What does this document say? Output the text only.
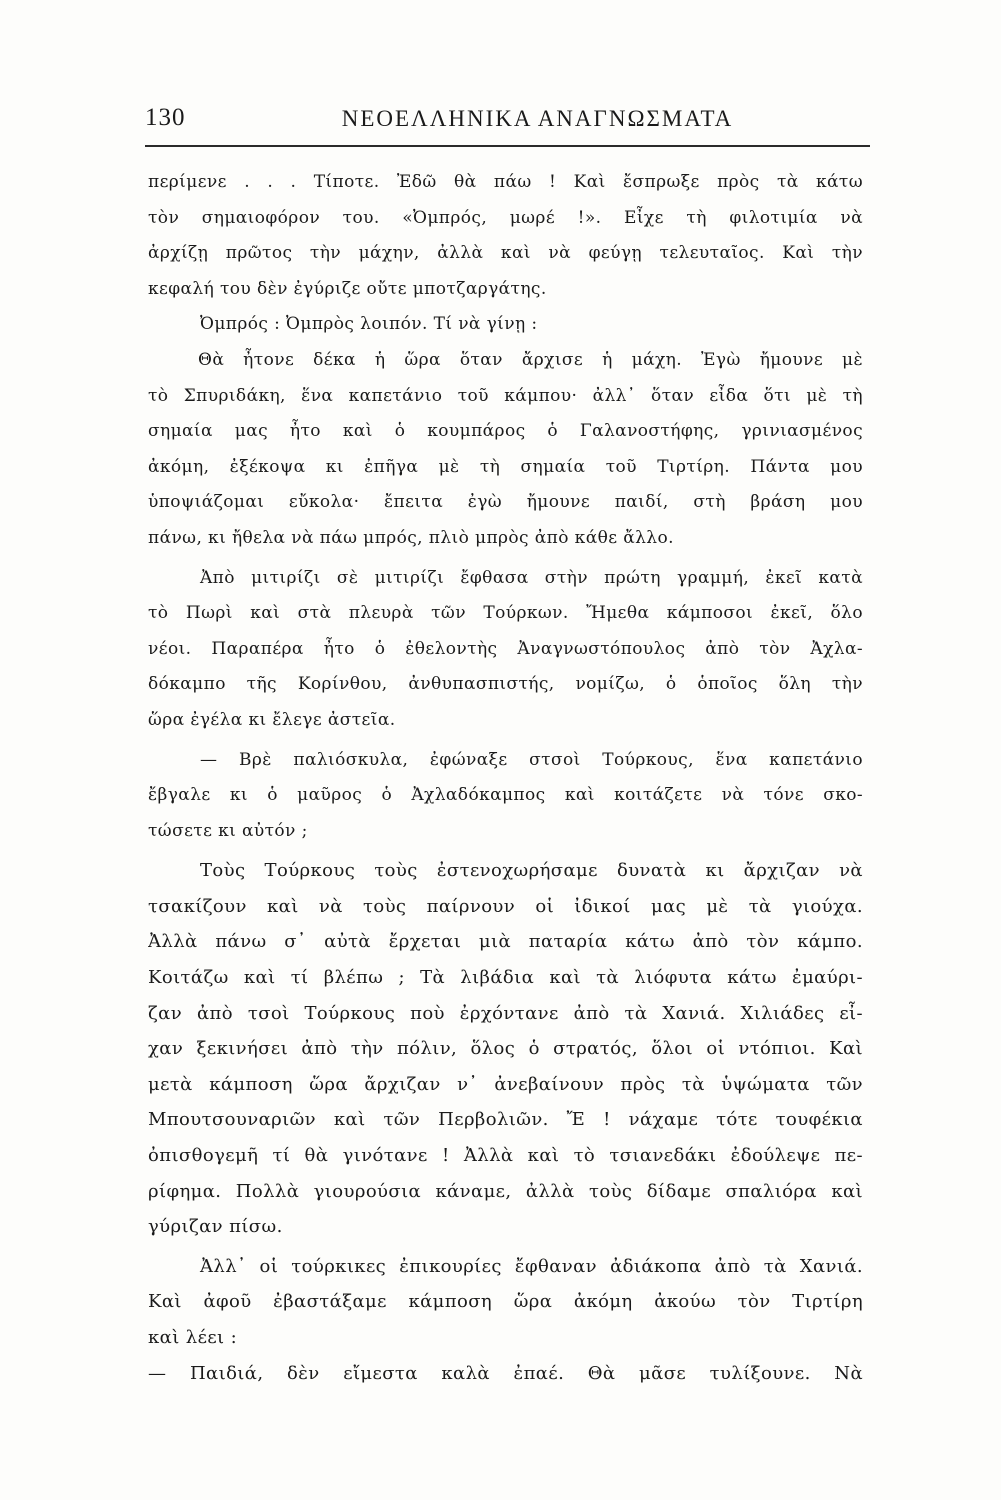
130	ΝΕΟΕΛΛΗΝΙΚΑ ΑΝΑΓΝΩΣΜΑΤΑ
περίμενε . . . Τίποτε. Ἐδῶ θὰ πάω ! Καὶ ἔσπρωξε πρὸς τὰ κάτω
τὸν σημαιοφόρον του. «Ὀμπρός, μωρέ !». Εἶχε τὴ φιλοτιμία νὰ
ἀρχίζῃ πρῶτος τὴν μάχην, ἀλλὰ καὶ νὰ φεύγῃ τελευταῖος. Καὶ τὴν
κεφαλή του δὲν ἐγύριζε οὔτε μποτζαργάτης.
Ὀμπρός : Ὀμπρὸς λοιπόν. Τί νὰ γίνῃ :
Θὰ ἦτονε δέκα ἡ ὥρα ὅταν ἄρχισε ἡ μάχη. Ἐγὼ ἤμουνε μὲ
τὸ Σπυριδάκη, ἕνα καπετάνιο τοῦ κάμπου· ἀλλ᾽ ὅταν εἶδα ὅτι μὲ τὴ
σημαία μας ἦτο καὶ ὁ κουμπάρος ὁ Γαλανοστήφης, γρινιασμένος
ἀκόμη, ἐξέκοψα κι ἐπῆγα μὲ τὴ σημαία τοῦ Τιρτίρη. Πάντα μου
ὑποψιάζομαι εὔκολα· ἔπειτα ἐγὼ ἤμουνε παιδί, στὴ βράση μου
πάνω, κι ἤθελα νὰ πάω μπρός, πλιὸ μπρὸς ἀπὸ κάθε ἄλλο.
Ἀπὸ μιτιρίζι σὲ μιτιρίζι ἔφθασα στὴν πρώτη γραμμή, ἐκεῖ κατὰ
τὸ Πωρὶ καὶ στὰ πλευρὰ τῶν Τούρκων. Ἤμεθα κάμποσοι ἐκεῖ, ὅλο
νέοι. Παραπέρα ἦτο ὁ ἐθελοντὴς Ἀναγνωστόπουλος ἀπὸ τὸν Ἀχλα-
δόκαμπο τῆς Κορίνθου, ἀνθυπασπιστής, νομίζω, ὁ ὁποῖος ὅλη τὴν
ὥρα ἐγέλα κι ἔλεγε ἀστεῖα.
— Βρὲ παλιόσκυλα, ἐφώναξε στσοὶ Τούρκους, ἕνα καπετάνιο
ἔβγαλε κι ὁ μαῦρος ὁ Ἀχλαδόκαμπος καὶ κοιτάζετε νὰ τόνε σκο-
τώσετε κι αὐτόν ;
Τοὺς Τούρκους τοὺς ἐστενοχωρήσαμε δυνατὰ κι ἄρχιζαν νὰ
τσακίζουν καὶ νὰ τοὺς παίρνουν οἱ ἰδικοί μας μὲ τὰ γιούχα.
Ἀλλὰ πάνω σ᾽ αὐτὰ ἔρχεται μιὰ παταρία κάτω ἀπὸ τὸν κάμπο.
Κοιτάζω καὶ τί βλέπω ; Τὰ λιβάδια καὶ τὰ λιόφυτα κάτω ἐμαύρι-
ζαν ἀπὸ τσοὶ Τούρκους ποὺ ἐρχόντανε ἀπὸ τὰ Χανιά. Χιλιάδες εἶ-
χαν ξεκινήσει ἀπὸ τὴν πόλιν, ὅλος ὁ στρατός, ὅλοι οἱ ντόπιοι. Καὶ
μετὰ κάμποση ὥρα ἄρχιζαν ν᾽ ἀνεβαίνουν πρὸς τὰ ὑψώματα τῶν
Μπουτσουναριῶν καὶ τῶν Περβολιῶν. Ἔ ! νάχαμε τότε τουφέκια
ὀπισθογεμῆ τί θὰ γινότανε ! Ἀλλὰ καὶ τὸ τσιανεδάκι ἐδούλεψε πε-
ρίφημα. Πολλὰ γιουρούσια κάναμε, ἀλλὰ τοὺς δίδαμε σπαλιόρα καὶ
γύριζαν πίσω.
Ἀλλ᾽ οἱ τούρκικες ἐπικουρίες ἔφθαναν ἀδιάκοπα ἀπὸ τὰ Χανιά.
Καὶ ἀφοῦ ἐβαστάξαμε κάμποση ὥρα ἀκόμη ἀκούω τὸν Τιρτίρη
καὶ λέει :
— Παιδιά, δὲν εἴμεστα καλὰ ἐπαέ. Θὰ μᾶσε τυλίξουνε. Νὰ
